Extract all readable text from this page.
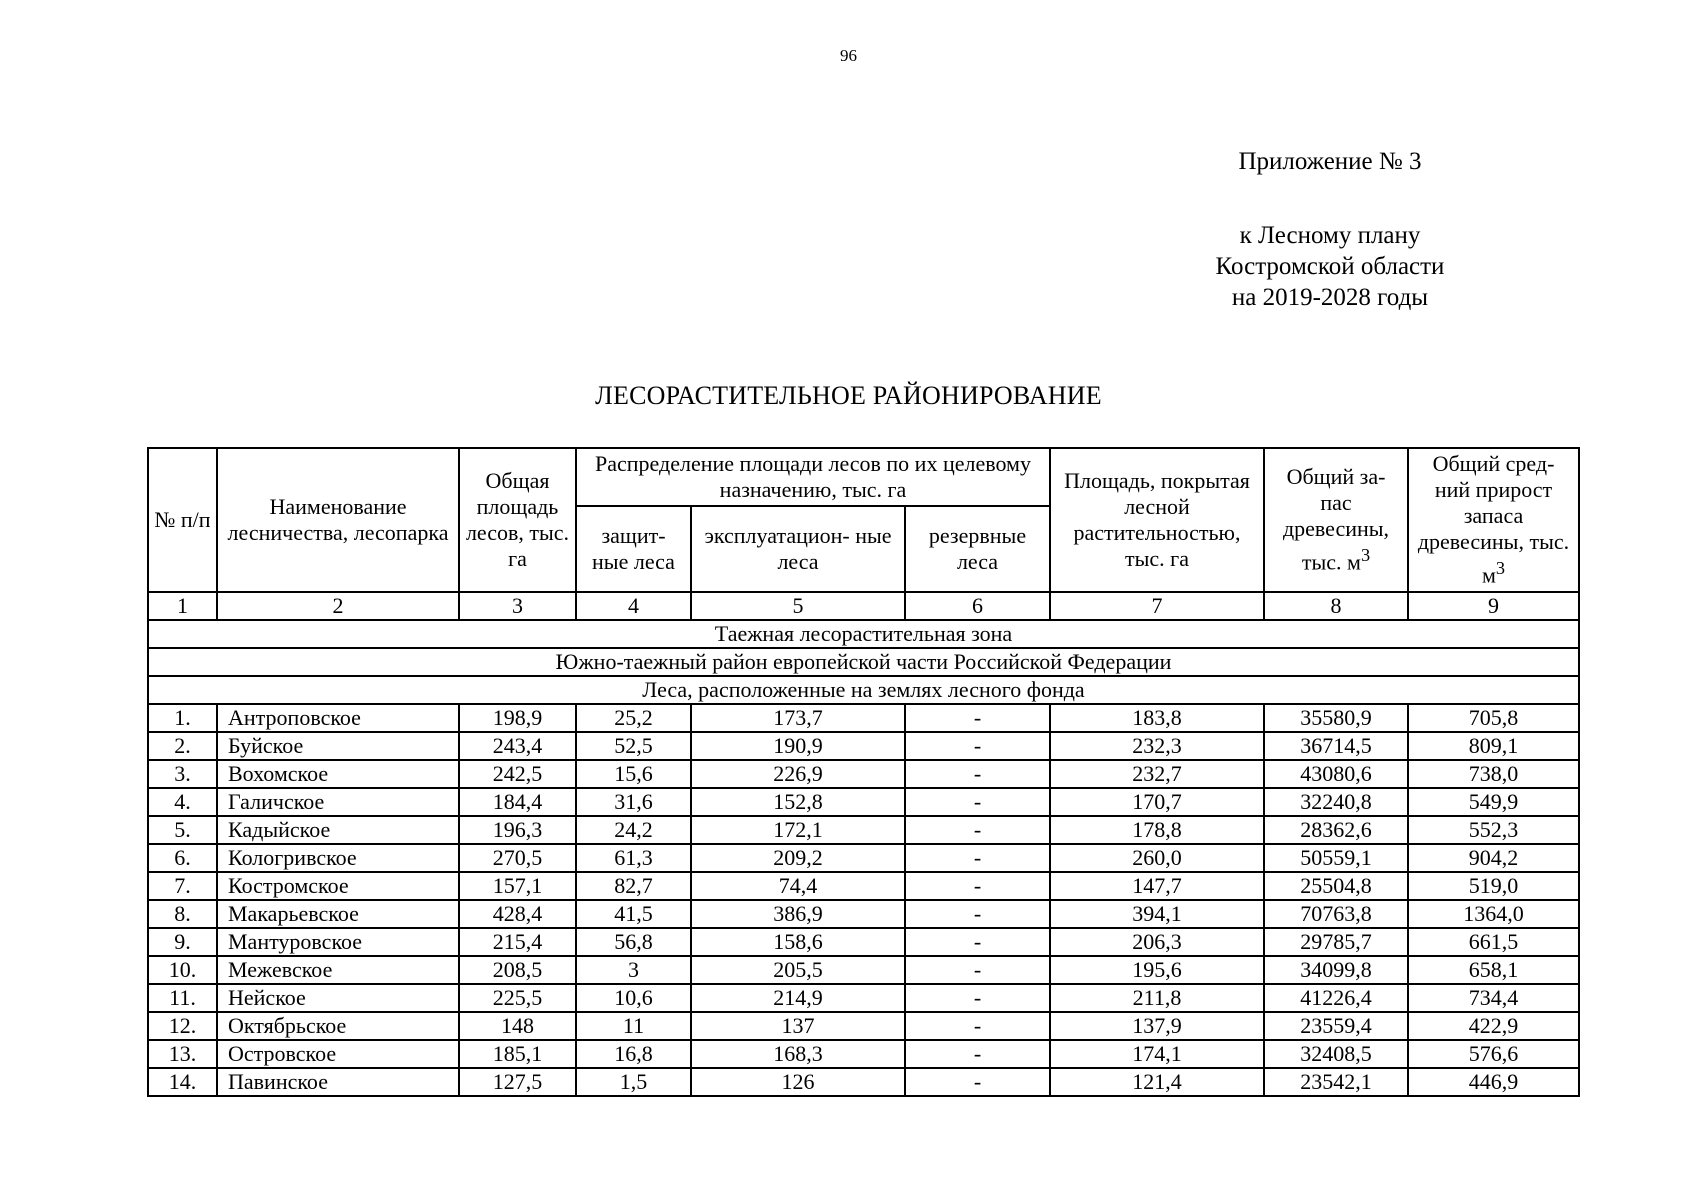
96
Приложение № 3
к Лесному плану
Костромской области
на 2019-2028 годы
ЛЕСОРАСТИТЕЛЬНОЕ РАЙОНИРОВАНИЕ
№ п/п	Наименование лесничества, лесопарка	Общая площадь лесов, тыс. га	Распределение площади лесов по их целевому назначению, тыс. га			Площадь, покрытая лесной растительностью, тыс. га	Общий за- пас древесины, тыс. $м^3$	Общий сред- ний прирост запаса древесины, тыс. $м^3$
			защит- ные леса	эксплуатацион- ные леса	резервные леса			
1	2	3	4	5	6	7	8	9
Таежная лесорастительная зона								
Южно-таежный район европейской части Российской Федерации								
Леса, расположенные на землях лесного фонда								
1.	Антроповское	198,9	25,2	173,7	-	183,8	35580,9	705,8
2.	Буйское	243,4	52,5	190,9	-	232,3	36714,5	809,1
3.	Вохомское	242,5	15,6	226,9	-	232,7	43080,6	738,0
4.	Галичское	184,4	31,6	152,8	-	170,7	32240,8	549,9
5.	Кадыйское	196,3	24,2	172,1	-	178,8	28362,6	552,3
6.	Кологривское	270,5	61,3	209,2	-	260,0	50559,1	904,2
7.	Костромское	157,1	82,7	74,4	-	147,7	25504,8	519,0
8.	Макарьевское	428,4	41,5	386,9	-	394,1	70763,8	1364,0
9.	Мантуровское	215,4	56,8	158,6	-	206,3	29785,7	661,5
10.	Межевское	208,5	3	205,5	-	195,6	34099,8	658,1
11.	Нейское	225,5	10,6	214,9	-	211,8	41226,4	734,4
12.	Октябрьское	148	11	137	-	137,9	23559,4	422,9
13.	Островское	185,1	16,8	168,3	-	174,1	32408,5	576,6
14.	Павинское	127,5	1,5	126	-	121,4	23542,1	446,9
